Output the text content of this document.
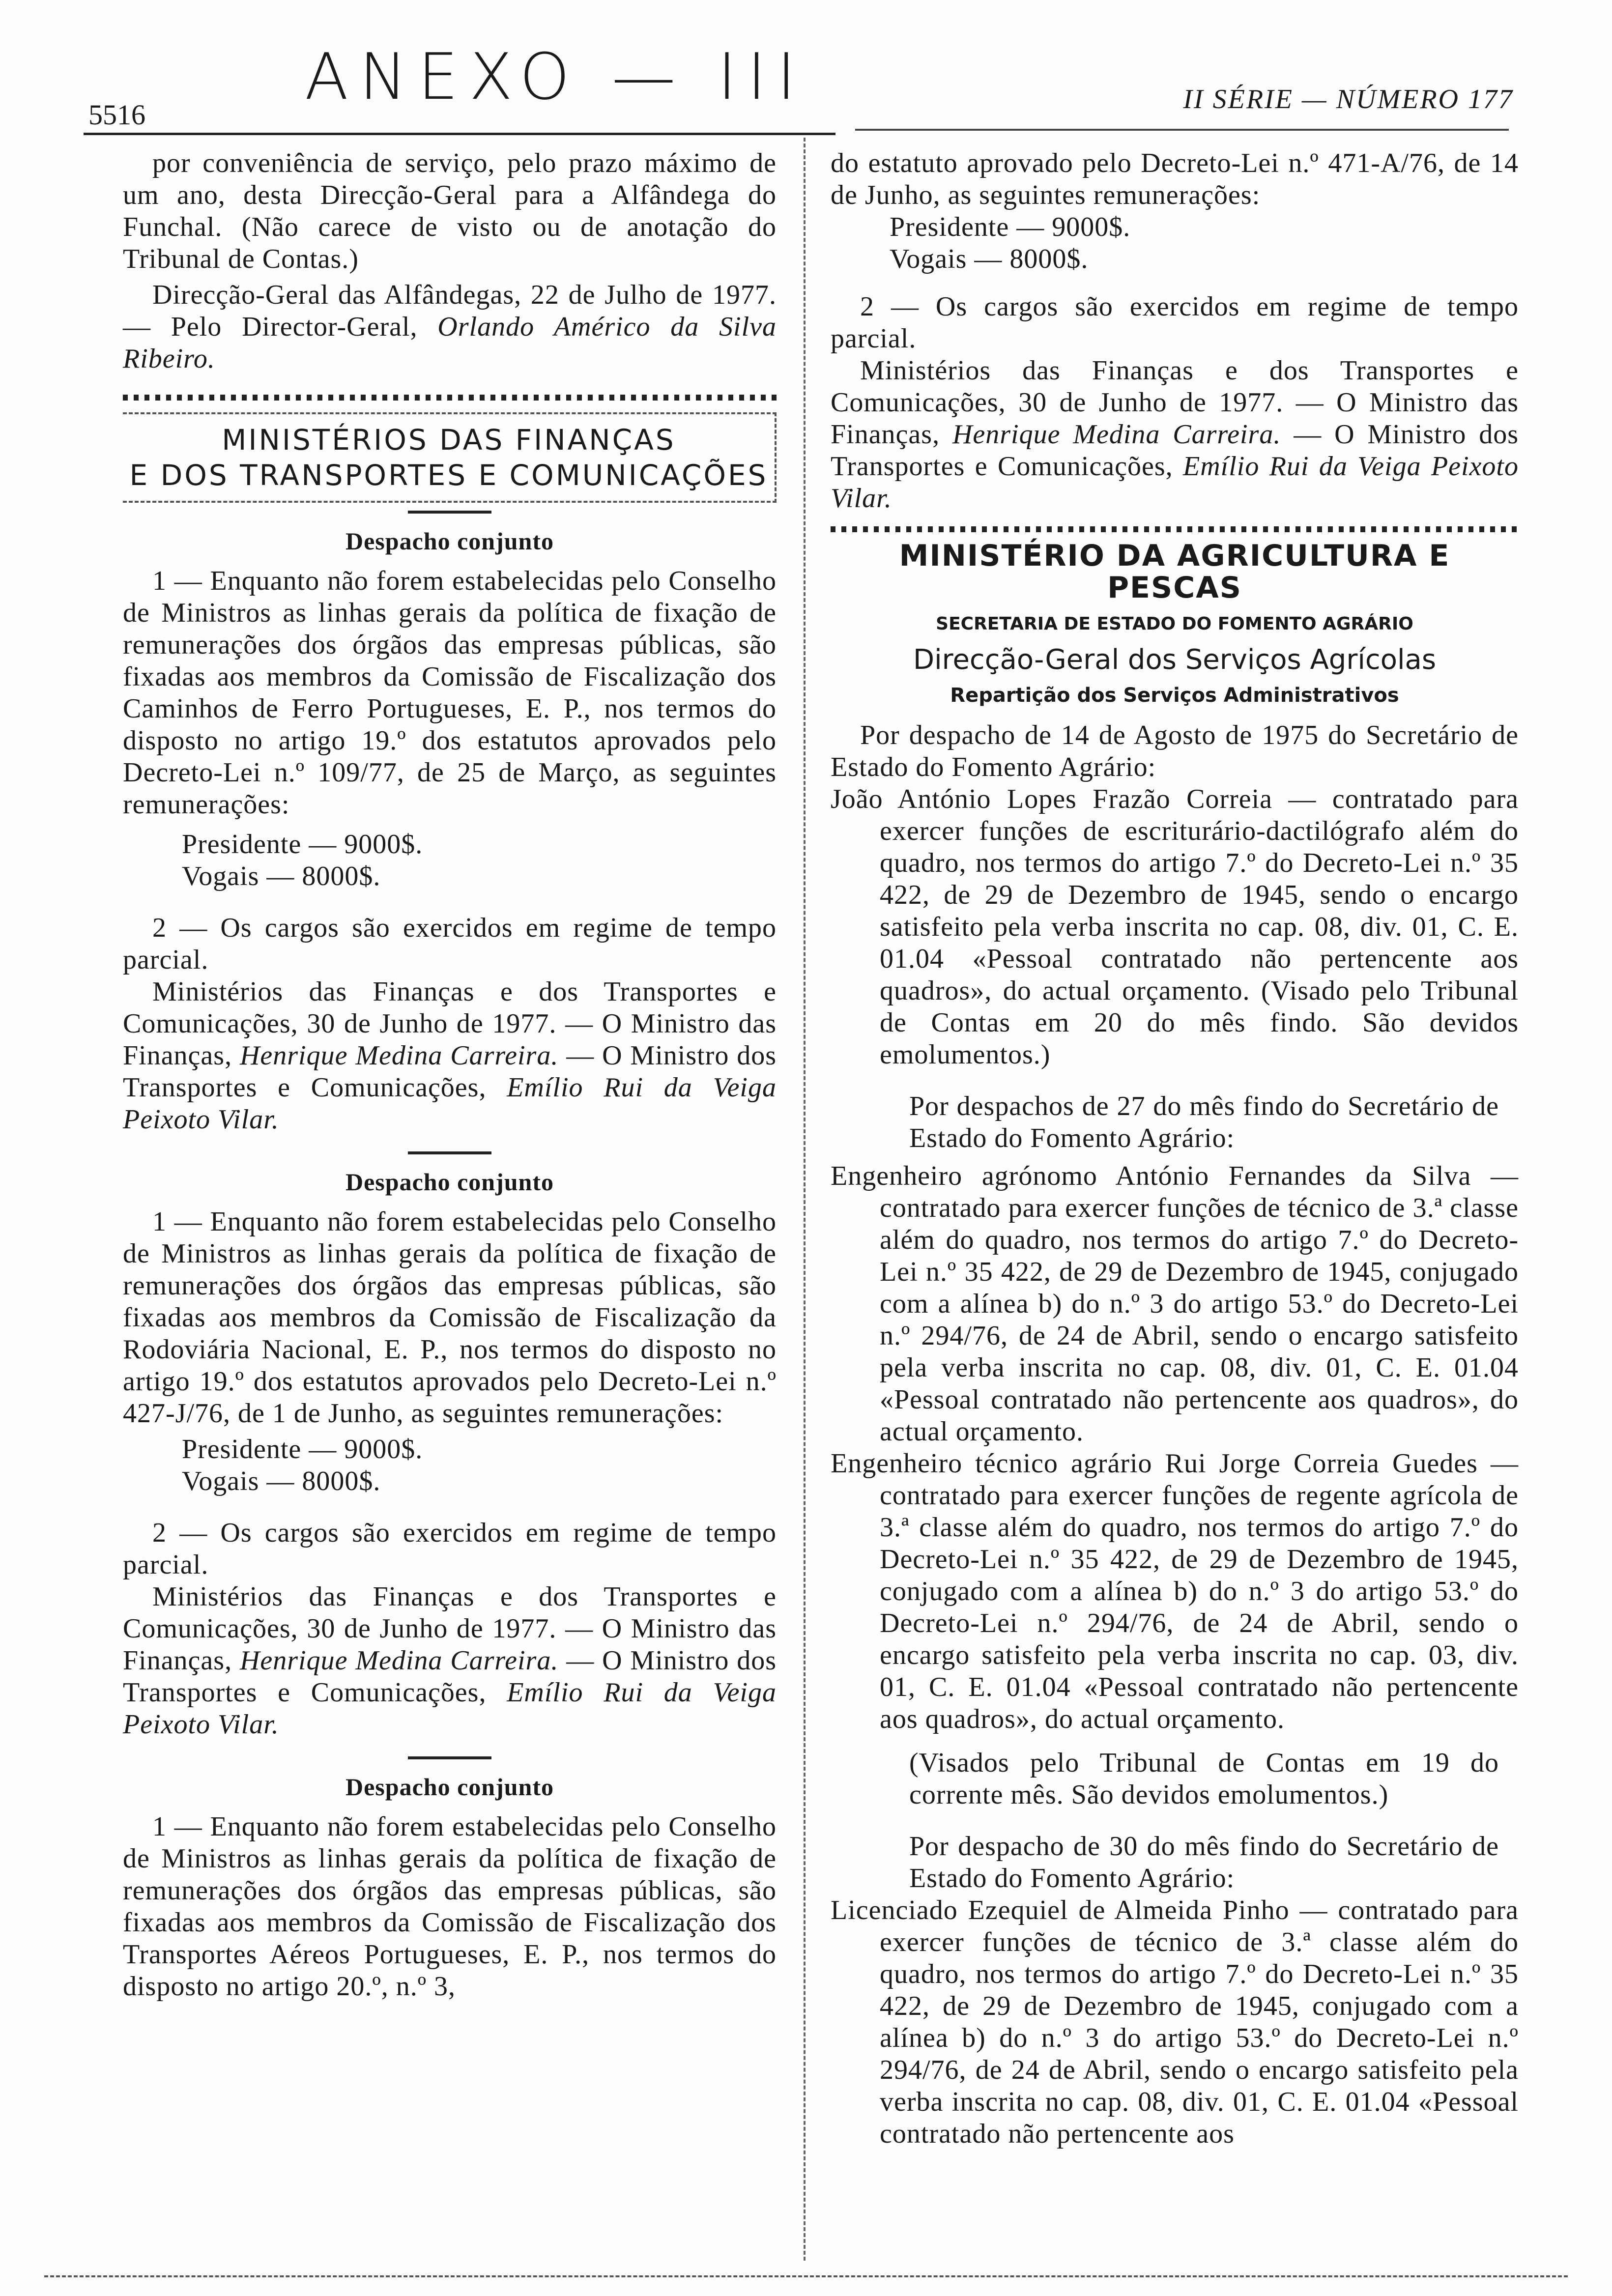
5516
ANEXO — III	II SÉRIE — NÚMERO 177

por conveniência de serviço, pelo prazo máximo de um ano, desta Direcção-Geral para a Alfândega do Funchal. (Não carece de visto ou de anotação do Tribunal de Contas.)

Direcção-Geral das Alfândegas, 22 de Julho de 1977. — Pelo Director-Geral, Orlando Américo da Silva Ribeiro.

MINISTÉRIOS DAS FINANÇAS
E DOS TRANSPORTES E COMUNICAÇÕES
Despacho conjunto

1 — Enquanto não forem estabelecidas pelo Conselho de Ministros as linhas gerais da política de fixação de remunerações dos órgãos das empresas públicas, são fixadas aos membros da Comissão de Fiscalização dos Caminhos de Ferro Portugueses, E. P., nos termos do disposto no artigo 19.º dos estatutos aprovados pelo Decreto-Lei n.º 109/77, de 25 de Março, as seguintes remunerações:

Presidente — 9000$.

Vogais — 8000$.

2 — Os cargos são exercidos em regime de tempo parcial.

Ministérios das Finanças e dos Transportes e Comunicações, 30 de Junho de 1977. — O Ministro das Finanças, Henrique Medina Carreira. — O Ministro dos Transportes e Comunicações, Emílio Rui da Veiga Peixoto Vilar.

Despacho conjunto

1 — Enquanto não forem estabelecidas pelo Conselho de Ministros as linhas gerais da política de fixação de remunerações dos órgãos das empresas públicas, são fixadas aos membros da Comissão de Fiscalização da Rodoviária Nacional, E. P., nos termos do disposto no artigo 19.º dos estatutos aprovados pelo Decreto-Lei n.º 427-J/76, de 1 de Junho, as seguintes remunerações:

Presidente — 9000$.

Vogais — 8000$.

2 — Os cargos são exercidos em regime de tempo parcial.

Ministérios das Finanças e dos Transportes e Comunicações, 30 de Junho de 1977. — O Ministro das Finanças, Henrique Medina Carreira. — O Ministro dos Transportes e Comunicações, Emílio Rui da Veiga Peixoto Vilar.

Despacho conjunto

1 — Enquanto não forem estabelecidas pelo Conselho de Ministros as linhas gerais da política de fixação de remunerações dos órgãos das empresas públicas, são fixadas aos membros da Comissão de Fiscalização dos Transportes Aéreos Portugueses, E. P., nos termos do disposto no artigo 20.º, n.º 3,

do estatuto aprovado pelo Decreto-Lei n.º 471-A/76, de 14 de Junho, as seguintes remunerações:

Presidente — 9000$.

Vogais — 8000$.

2 — Os cargos são exercidos em regime de tempo parcial.

Ministérios das Finanças e dos Transportes e Comunicações, 30 de Junho de 1977. — O Ministro das Finanças, Henrique Medina Carreira. — O Ministro dos Transportes e Comunicações, Emílio Rui da Veiga Peixoto Vilar.

MINISTÉRIO DA AGRICULTURA E PESCAS
SECRETARIA DE ESTADO DO FOMENTO AGRÁRIO
Direcção-Geral dos Serviços Agrícolas
Repartição dos Serviços Administrativos

Por despacho de 14 de Agosto de 1975 do Secretário de Estado do Fomento Agrário:

João António Lopes Frazão Correia — contratado para exercer funções de escriturário-dactilógrafo além do quadro, nos termos do artigo 7.º do Decreto-Lei n.º 35 422, de 29 de Dezembro de 1945, sendo o encargo satisfeito pela verba inscrita no cap. 08, div. 01, C. E. 01.04 «Pessoal contratado não pertencente aos quadros», do actual orçamento. (Visado pelo Tribunal de Contas em 20 do mês findo. São devidos emolumentos.)

Por despachos de 27 do mês findo do Secretário de Estado do Fomento Agrário:

Engenheiro agrónomo António Fernandes da Silva — contratado para exercer funções de técnico de 3.ª classe além do quadro, nos termos do artigo 7.º do Decreto-Lei n.º 35 422, de 29 de Dezembro de 1945, conjugado com a alínea b) do n.º 3 do artigo 53.º do Decreto-Lei n.º 294/76, de 24 de Abril, sendo o encargo satisfeito pela verba inscrita no cap. 08, div. 01, C. E. 01.04 «Pessoal contratado não pertencente aos quadros», do actual orçamento.

Engenheiro técnico agrário Rui Jorge Correia Guedes — contratado para exercer funções de regente agrícola de 3.ª classe além do quadro, nos termos do artigo 7.º do Decreto-Lei n.º 35 422, de 29 de Dezembro de 1945, conjugado com a alínea b) do n.º 3 do artigo 53.º do Decreto-Lei n.º 294/76, de 24 de Abril, sendo o encargo satisfeito pela verba inscrita no cap. 03, div. 01, C. E. 01.04 «Pessoal contratado não pertencente aos quadros», do actual orçamento.

(Visados pelo Tribunal de Contas em 19 do corrente mês. São devidos emolumentos.)

Por despacho de 30 do mês findo do Secretário de Estado do Fomento Agrário:

Licenciado Ezequiel de Almeida Pinho — contratado para exercer funções de técnico de 3.ª classe além do quadro, nos termos do artigo 7.º do Decreto-Lei n.º 35 422, de 29 de Dezembro de 1945, conjugado com a alínea b) do n.º 3 do artigo 53.º do Decreto-Lei n.º 294/76, de 24 de Abril, sendo o encargo satisfeito pela verba inscrita no cap. 08, div. 01, C. E. 01.04 «Pessoal contratado não pertencente aos
